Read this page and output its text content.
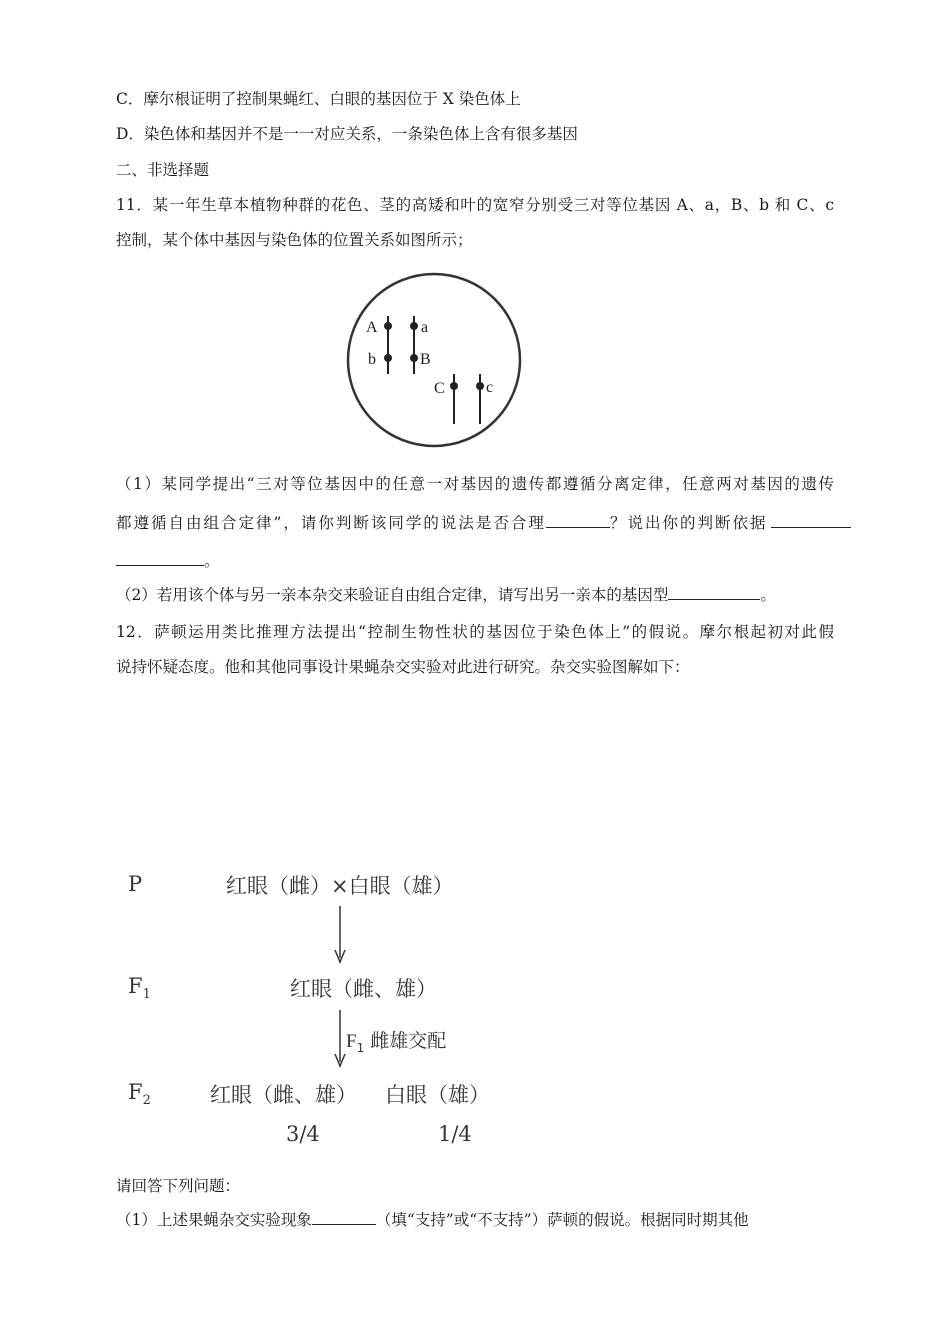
C．摩尔根证明了控制果蝇红、白眼的基因位于 X 染色体上
D．染色体和基因并不是一一对应关系，一条染色体上含有很多基因
二、非选择题
11．某一年生草本植物种群的花色、茎的高矮和叶的宽窄分别受三对等位基因 A、a，B、b 和 C、c
控制，某个体中基因与染色体的位置关系如图所示；
A	a
b	B
C	c
（1）某同学提出“三对等位基因中的任意一对基因的遗传都遵循分离定律，任意两对基因的遗传
都遵循自由组合定律”，请你判断该同学的说法是否合理	？说出你的判断依据
。
（2）若用该个体与另一亲本杂交来验证自由组合定律，请写出另一亲本的基因型	。
12．萨顿运用类比推理方法提出“控制生物性状的基因位于染色体上”的假说。摩尔根起初对此假
说持怀疑态度。他和其他同事设计果蝇杂交实验对此进行研究。杂交实验图解如下：
P	红眼（雌）×白眼（雄）
$F_1$	红眼（雌、雄）
$F_1$ 雌雄交配
$F_2$	红眼（雌、雄） 白眼（雄）
3/4	1/4
请回答下列问题：
（1）上述果蝇杂交实验现象	（填“支持”或“不支持”）萨顿的假说。根据同时期其他
